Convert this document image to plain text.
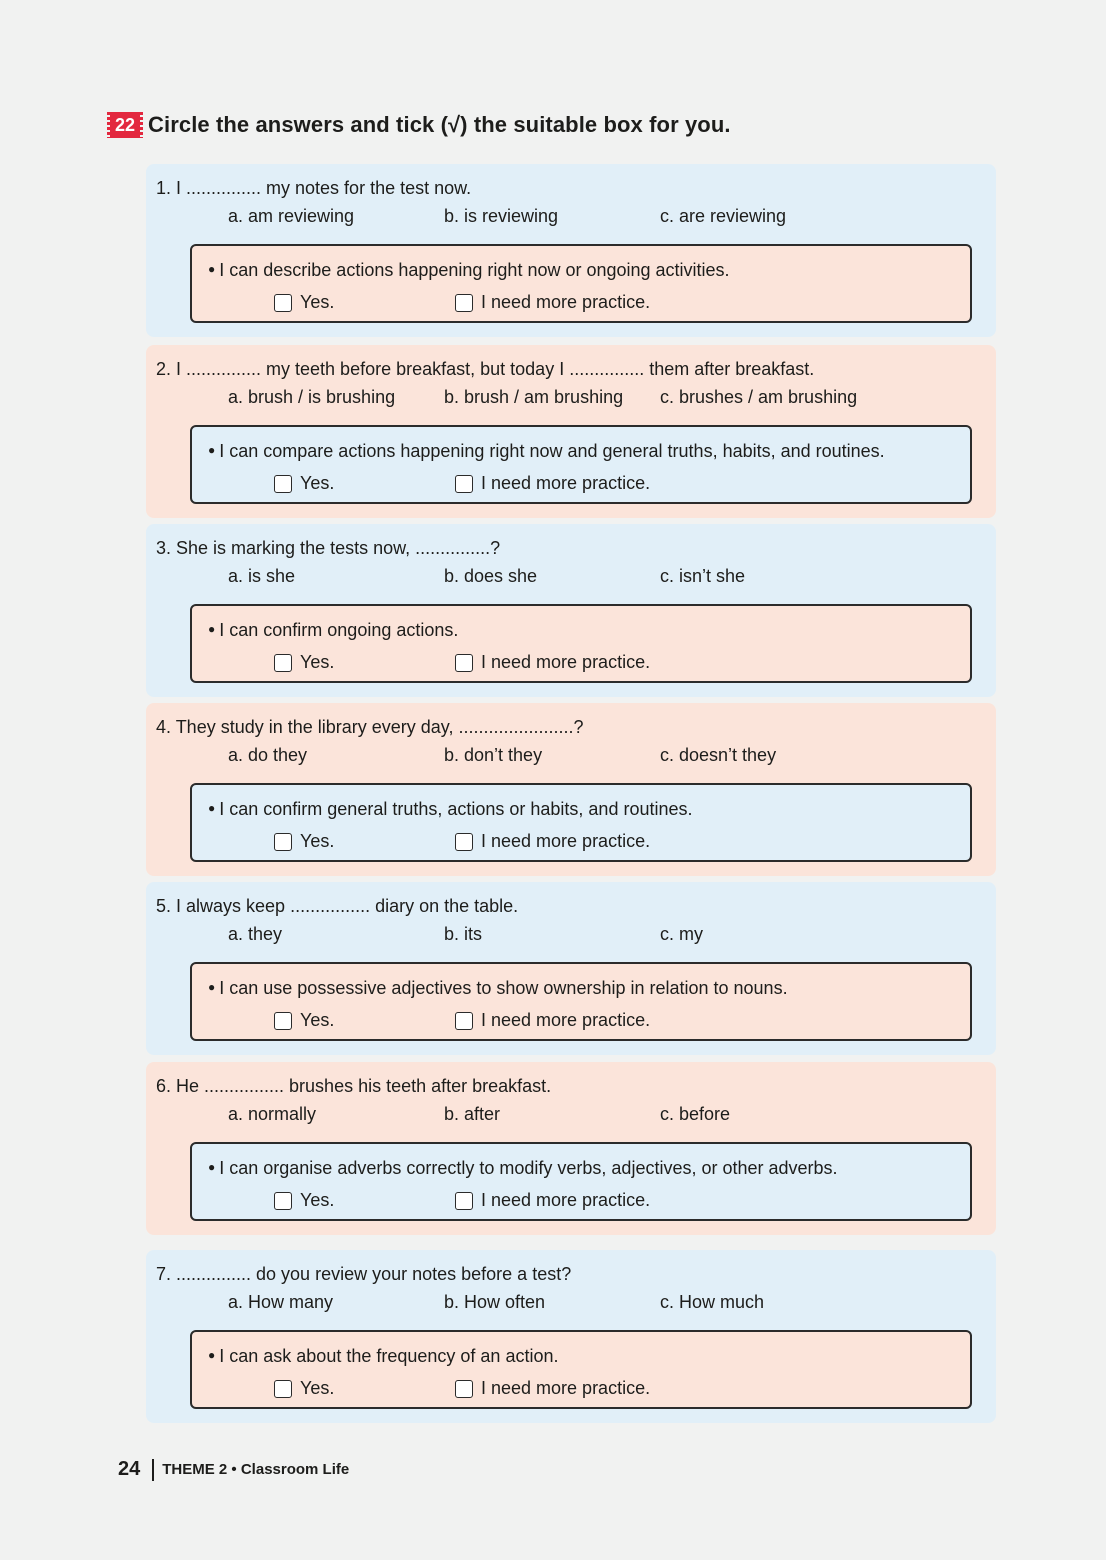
22 Circle the answers and tick (√) the suitable box for you.
1. I ............... my notes for the test now.
a. am reviewing	b. is reviewing	c. are reviewing
● I can describe actions happening right now or ongoing activities.
Yes.	I need more practice.
2. I ............... my teeth before breakfast, but today I ............... them after breakfast.
a. brush / is brushing	b. brush / am brushing c. brushes / am brushing
● I can compare actions happening right now and general truths, habits, and routines.
Yes.	I need more practice.
3. She is marking the tests now, ...............?
a. is she	b. does she	c. isn’t she
● I can confirm ongoing actions.
Yes.	I need more practice.
4. They study in the library every day, .......................?
a. do they	b. don’t they	c. doesn’t they
● I can confirm general truths, actions or habits, and routines.
Yes.	I need more practice.
5. I always keep ................ diary on the table.
a. they	b. its	c. my
● I can use possessive adjectives to show ownership in relation to nouns.
Yes.	I need more practice.
6. He ................ brushes his teeth after breakfast.
a. normally	b. after	c. before
● I can organise adverbs correctly to modify verbs, adjectives, or other adverbs.
Yes.	I need more practice.
7. ............... do you review your notes before a test?
a. How many	b. How often	c. How much
● I can ask about the frequency of an action.
Yes.	I need more practice.
24 THEME 2 • Classroom Life
